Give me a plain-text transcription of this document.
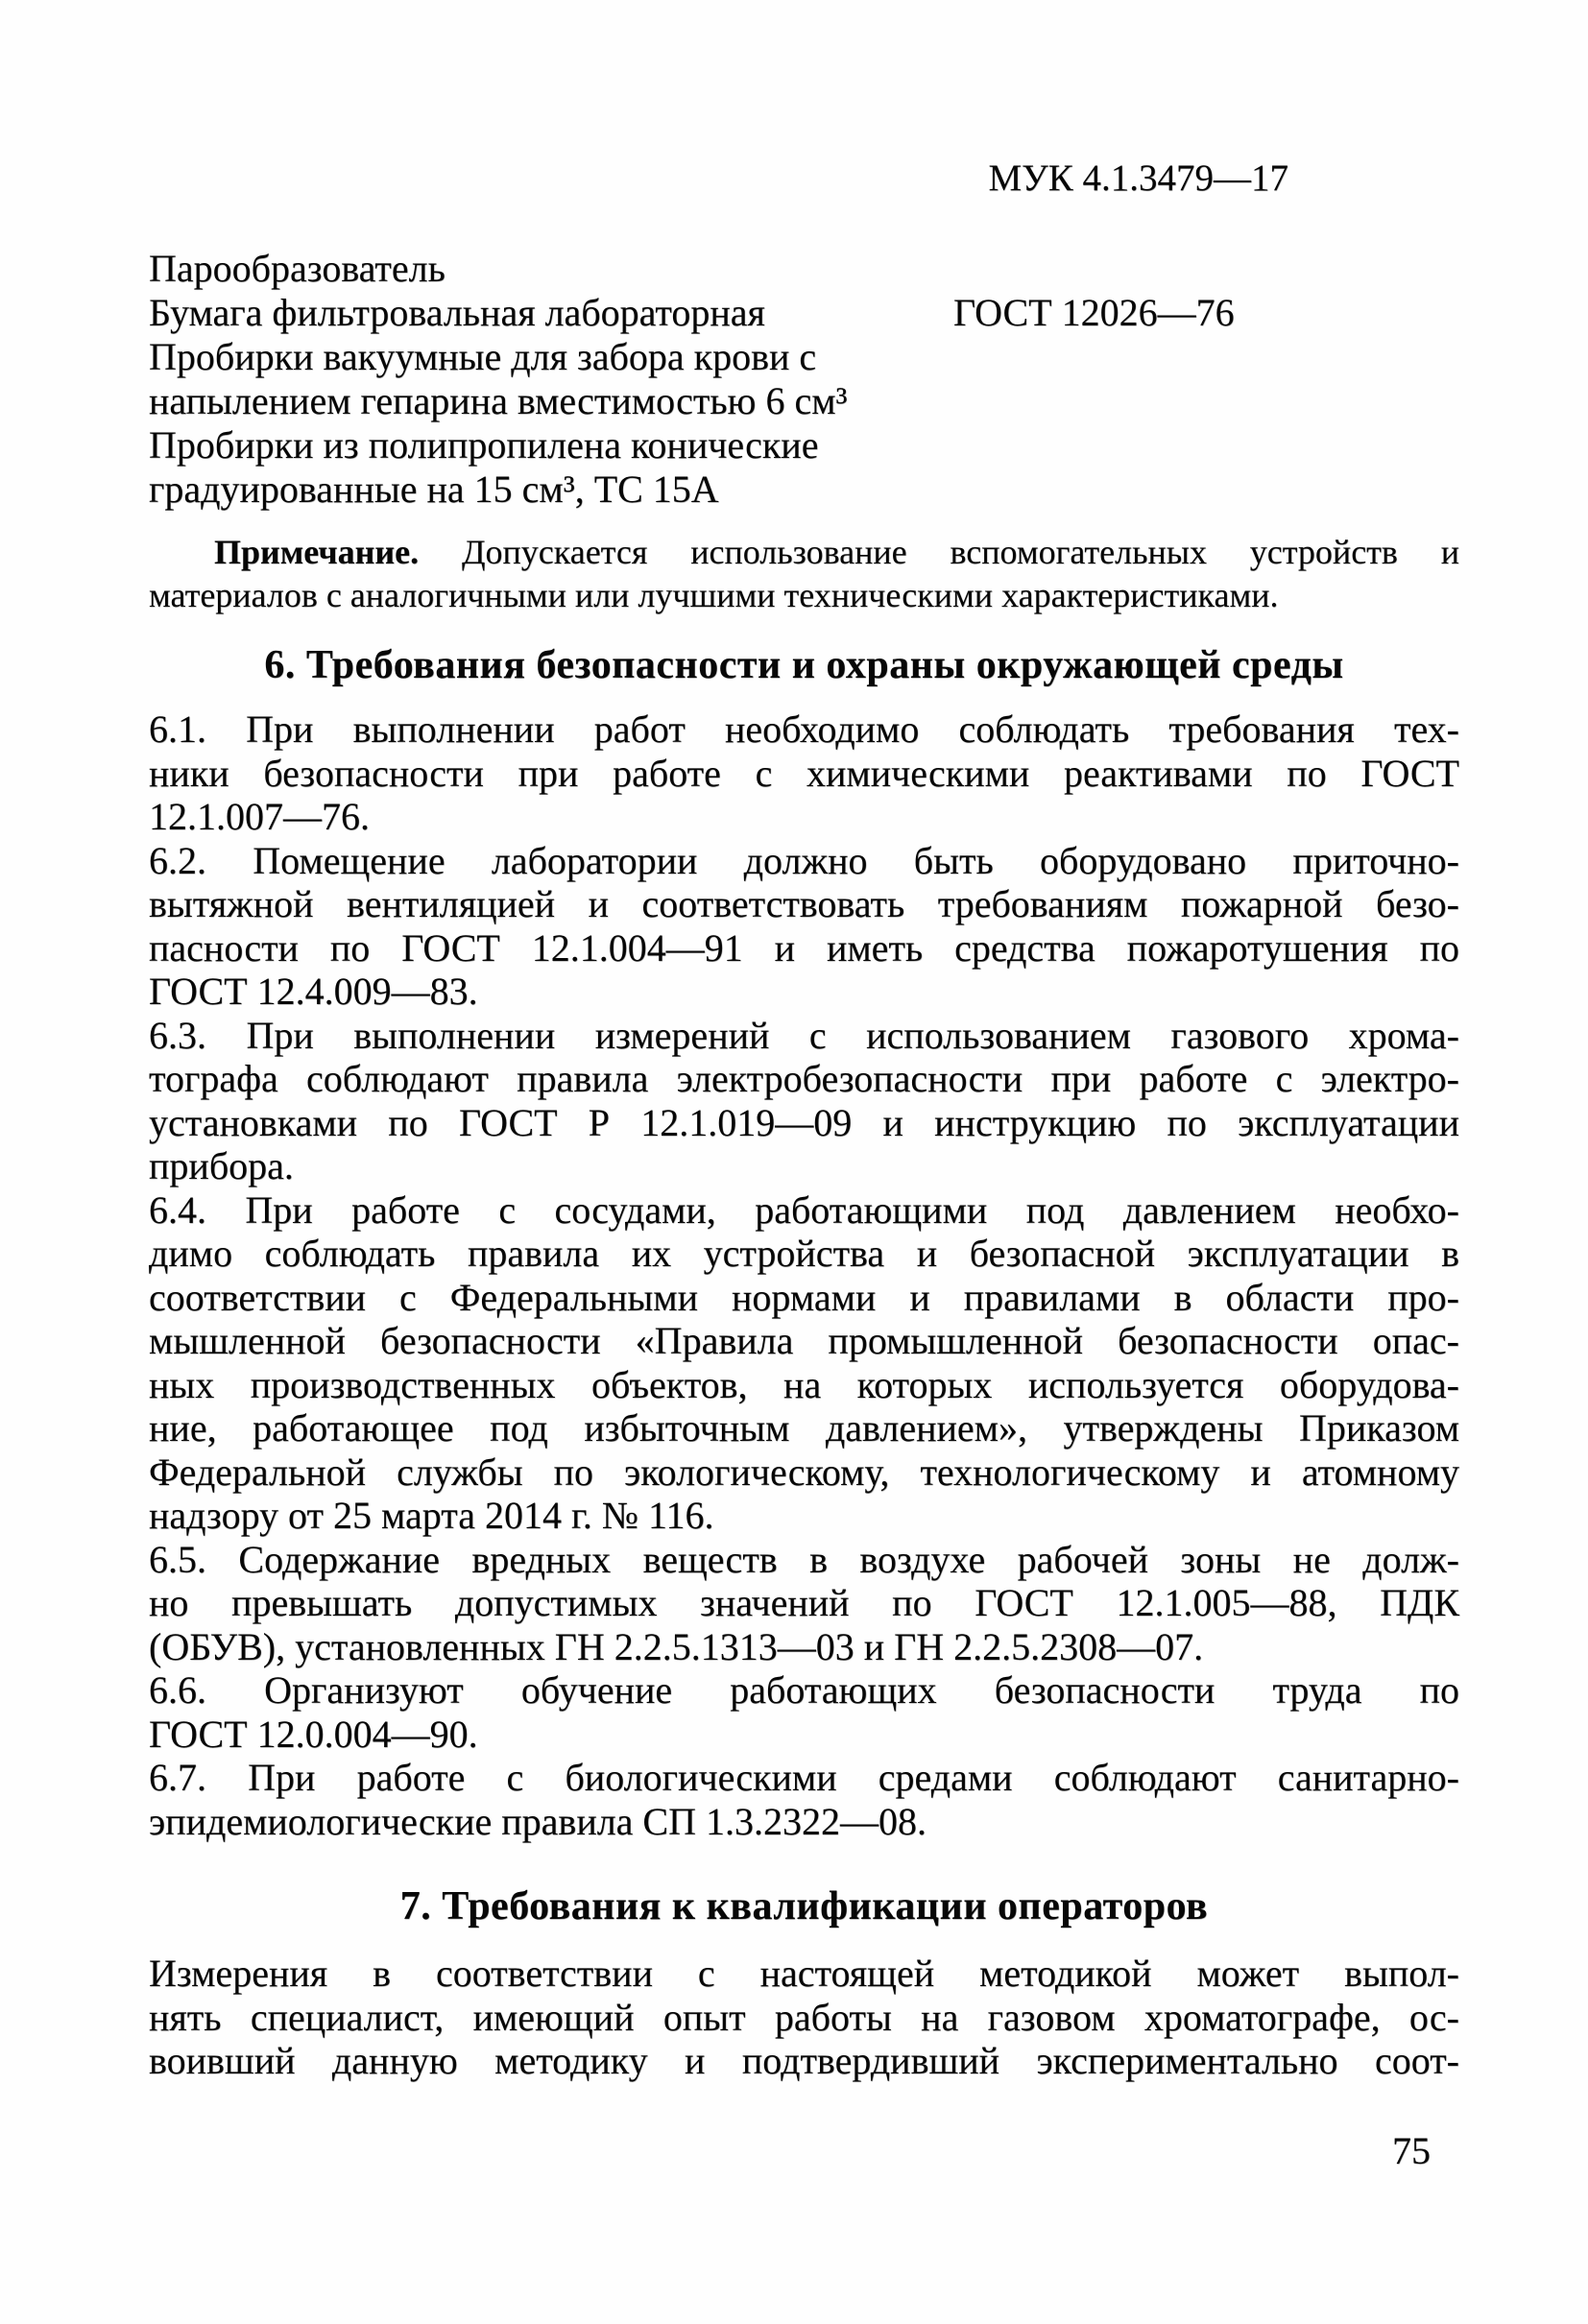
МУК 4.1.3479—17
Парообразователь
Бумага фильтровальная лабораторная	ГОСТ 12026—76
Пробирки вакуумные для забора крови с
напылением гепарина вместимостью 6 см³
Пробирки из полипропилена конические
градуированные на 15 см³, ТС 15А
Примечание. Допускается использование вспомогательных устройств и
материалов с аналогичными или лучшими техническими характеристиками.
6. Требования безопасности и охраны окружающей среды
6.1. При выполнении работ необходимо соблюдать требования тех-
ники безопасности при работе с химическими реактивами по ГОСТ
12.1.007—76.
6.2. Помещение лаборатории должно быть оборудовано приточно-
вытяжной вентиляцией и соответствовать требованиям пожарной безо-
пасности по ГОСТ 12.1.004—91 и иметь средства пожаротушения по
ГОСТ 12.4.009—83.
6.3. При выполнении измерений с использованием газового хрома-
тографа соблюдают правила электробезопасности при работе с электро-
установками по ГОСТ Р 12.1.019—09 и инструкцию по эксплуатации
прибора.
6.4. При работе с сосудами, работающими под давлением необхо-
димо соблюдать правила их устройства и безопасной эксплуатации в
соответствии с Федеральными нормами и правилами в области про-
мышленной безопасности «Правила промышленной безопасности опас-
ных производственных объектов, на которых используется оборудова-
ние, работающее под избыточным давлением», утверждены Приказом
Федеральной службы по экологическому, технологическому и атомному
надзору от 25 марта 2014 г. № 116.
6.5. Содержание вредных веществ в воздухе рабочей зоны не долж-
но превышать допустимых значений по ГОСТ 12.1.005—88, ПДК
(ОБУВ), установленных ГН 2.2.5.1313—03 и ГН 2.2.5.2308—07.
6.6. Организуют обучение работающих безопасности труда по
ГОСТ 12.0.004—90.
6.7. При работе с биологическими средами соблюдают санитарно-
эпидемиологические правила СП 1.3.2322—08.
7. Требования к квалификации операторов
Измерения в соответствии с настоящей методикой может выпол-
нять специалист, имеющий опыт работы на газовом хроматографе, ос-
воивший данную методику и подтвердивший экспериментально соот-
75
